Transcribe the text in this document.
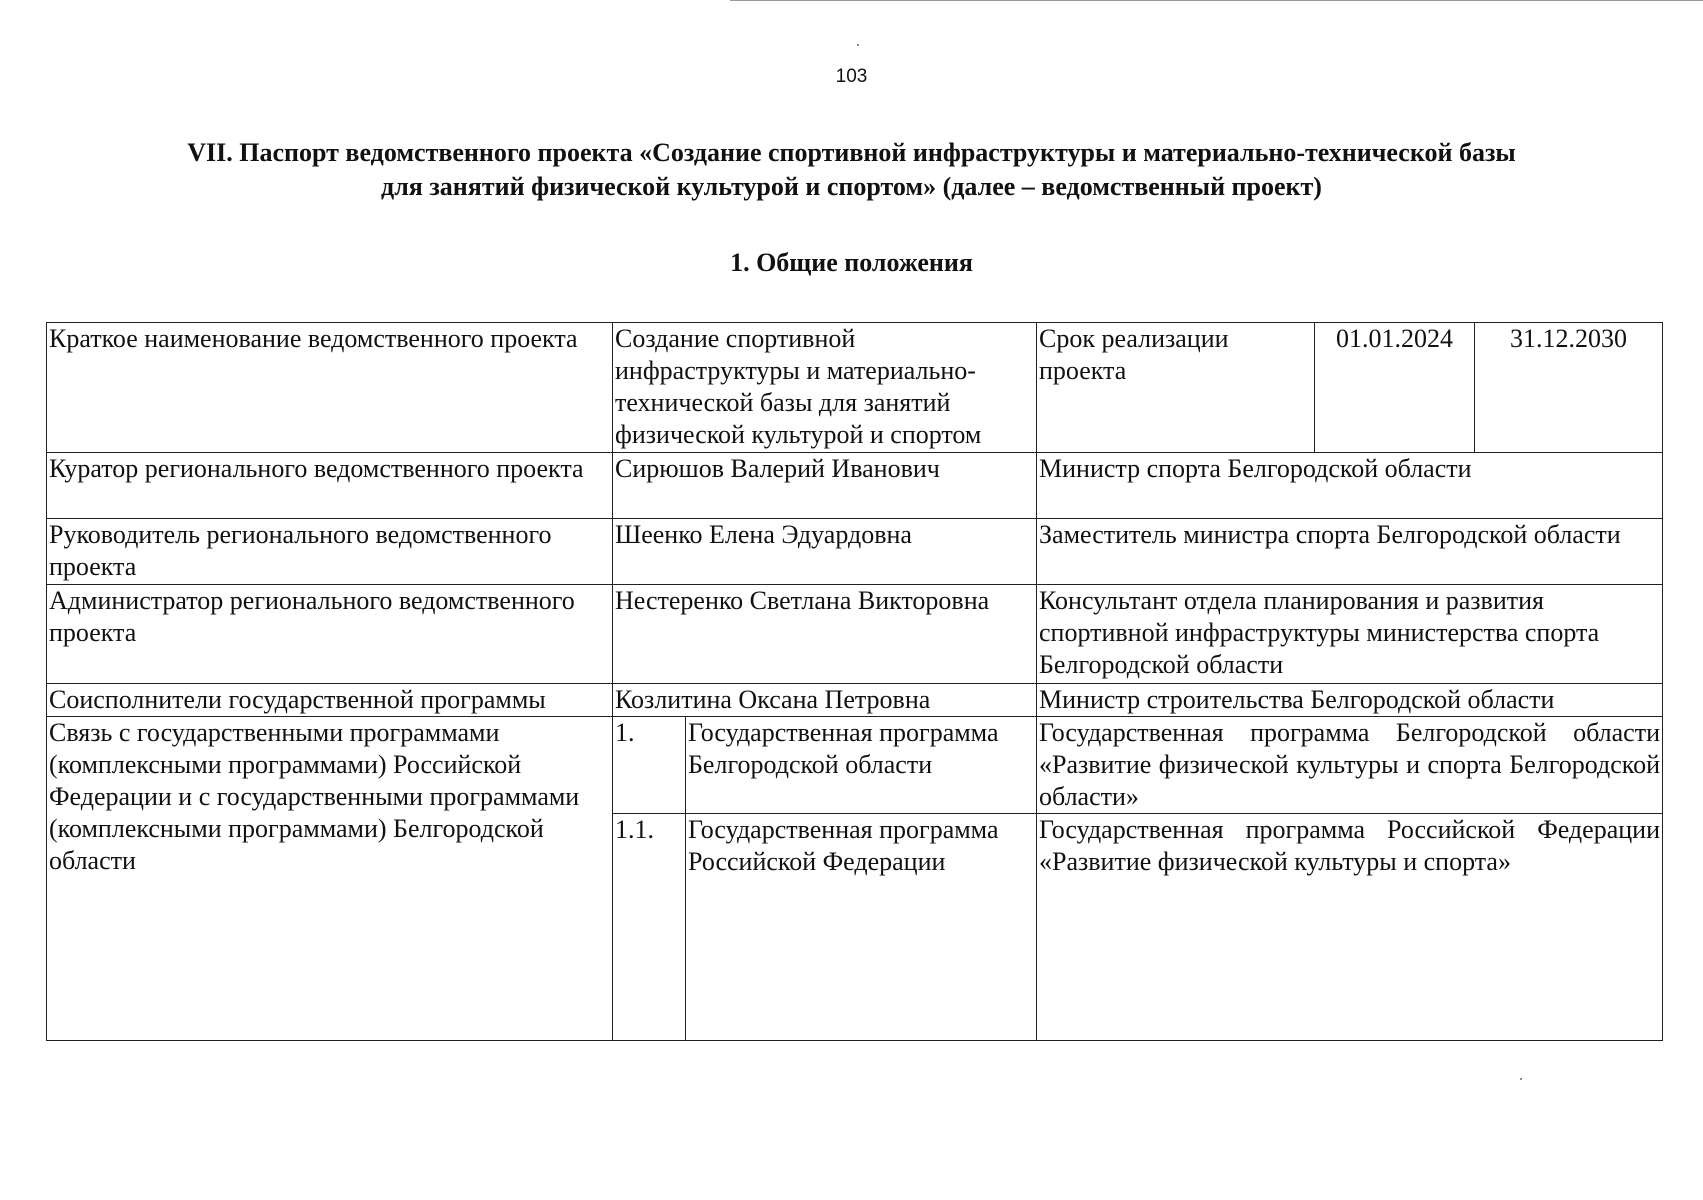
103
VII. Паспорт ведомственного проекта «Создание спортивной инфраструктуры и материально-технической базы
для занятий физической культурой и спортом» (далее – ведомственный проект)
1. Общие положения
Краткое наименование ведомственного проекта	Создание спортивной инфраструктуры и материально-технической базы для занятий физической культурой и спортом		Срок реализации проекта	01.01.2024	31.12.2030
Куратор регионального ведомственного проекта	Сирюшов Валерий Иванович		Министр спорта Белгородской области		
Руководитель регионального ведомственного проекта	Шеенко Елена Эдуардовна		Заместитель министра спорта Белгородской области		
Администратор регионального ведомственного проекта	Нестеренко Светлана Викторовна		Консультант отдела планирования и развития спортивной инфраструктуры министерства спорта Белгородской области		
Соисполнители государственной программы	Козлитина Оксана Петровна		Министр строительства Белгородской области		
Связь с государственными программами (комплексными программами) Российской Федерации и с государственными программами (комплексными программами) Белгородской области	1.	Государственная программа Белгородской области	Государственная программа Белгородской области «Развитие физической культуры и спорта Белгородской области»		
	1.1.	Государственная программа Российской Федерации	Государственная программа Российской Федерации «Развитие физической культуры и спорта»		
